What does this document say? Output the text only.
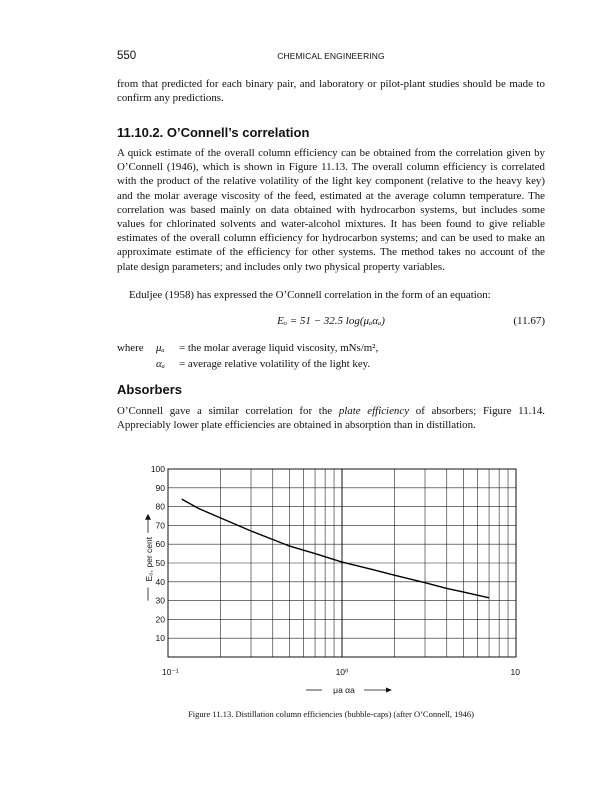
550	CHEMICAL ENGINEERING

from that predicted for each binary pair, and laboratory or pilot-plant studies should be made to confirm any predictions.

11.10.2. O’Connell’s correlation

A quick estimate of the overall column efficiency can be obtained from the correlation given by O’Connell (1946), which is shown in Figure 11.13. The overall column efficiency is correlated with the product of the relative volatility of the light key component (relative to the heavy key) and the molar average viscosity of the feed, estimated at the average column temperature. The correlation was based mainly on data obtained with hydrocarbon systems, but includes some values for chlorinated solvents and water-alcohol mixtures. It has been found to give reliable estimates of the overall column efficiency for hydrocarbon systems; and can be used to make an approximate estimate of the efficiency for other systems. The method takes no account of the plate design parameters; and includes only two physical property variables.

Eduljee (1958) has expressed the O’Connell correlation in the form of an equation:

Eₒ = 51 − 32.5 log(μₐαₐ)	(11.67)
where μₐ = the molar average liquid viscosity, mNs/m²,
αₐ = average relative volatility of the light key.
Absorbers

O’Connell gave a similar correlation for the plate efficiency of absorbers; Figure 11.14. Appreciably lower plate efficiencies are obtained in absorption than in distillation.

10
20
30
40
50
60
70
80
90
100
10⁻¹	10⁰	10
E₀, per cent
μa αa
Figure 11.13. Distillation column efficiencies (bubble-caps) (after O’Connell, 1946)
